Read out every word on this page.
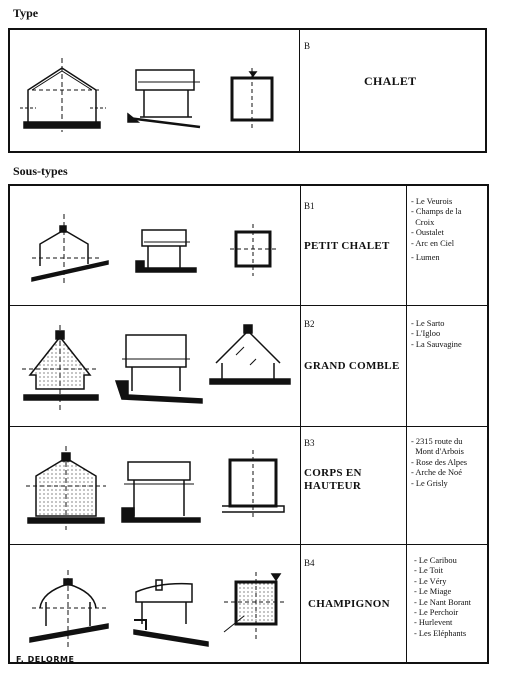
Type
Sous-types
B
CHALET
B1
PETIT CHALET
- Le Veurois
- Champs de la
Croix
- Oustalet
- Arc en Ciel
- Lumen
B2
GRAND COMBLE
- Le Sarto
- L'Igloo
- La Sauvagine
B3
CORPS EN
HAUTEUR
- 2315 route du
Mont d'Arbois
- Rose des Alpes
- Arche de Noé
- Le Grisly
B4
CHAMPIGNON
- Le Caribou
- Le Toit
- Le Véry
- Le Miage
- Le Nant Borant
- Le Perchoir
- Hurlevent
- Les Eléphants
F. DELORME
